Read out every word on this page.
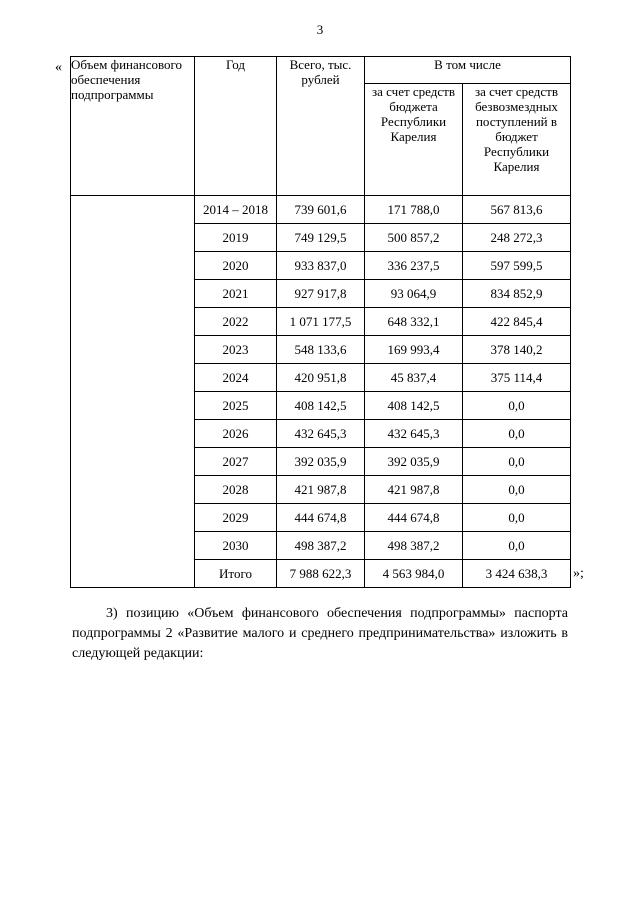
3
«
»;
Объем финансового обеспечения подпрограммы	Год	Всего, тыс. рублей	В том числе	
			за счет средств бюджета Республики Карелия	за счет средств безвозмездных поступлений в бюджет Республики Карелия
	2014 – 2018	739 601,6	171 788,0	567 813,6
	2019	749 129,5	500 857,2	248 272,3
	2020	933 837,0	336 237,5	597 599,5
	2021	927 917,8	93 064,9	834 852,9
	2022	1 071 177,5	648 332,1	422 845,4
	2023	548 133,6	169 993,4	378 140,2
	2024	420 951,8	45 837,4	375 114,4
	2025	408 142,5	408 142,5	0,0
	2026	432 645,3	432 645,3	0,0
	2027	392 035,9	392 035,9	0,0
	2028	421 987,8	421 987,8	0,0
	2029	444 674,8	444 674,8	0,0
	2030	498 387,2	498 387,2	0,0
	Итого	7 988 622,3	4 563 984,0	3 424 638,3
3) позицию «Объем финансового обеспечения подпрограммы» паспорта подпрограммы 2 «Развитие малого и среднего предпринимательства» изложить в следующей редакции:
